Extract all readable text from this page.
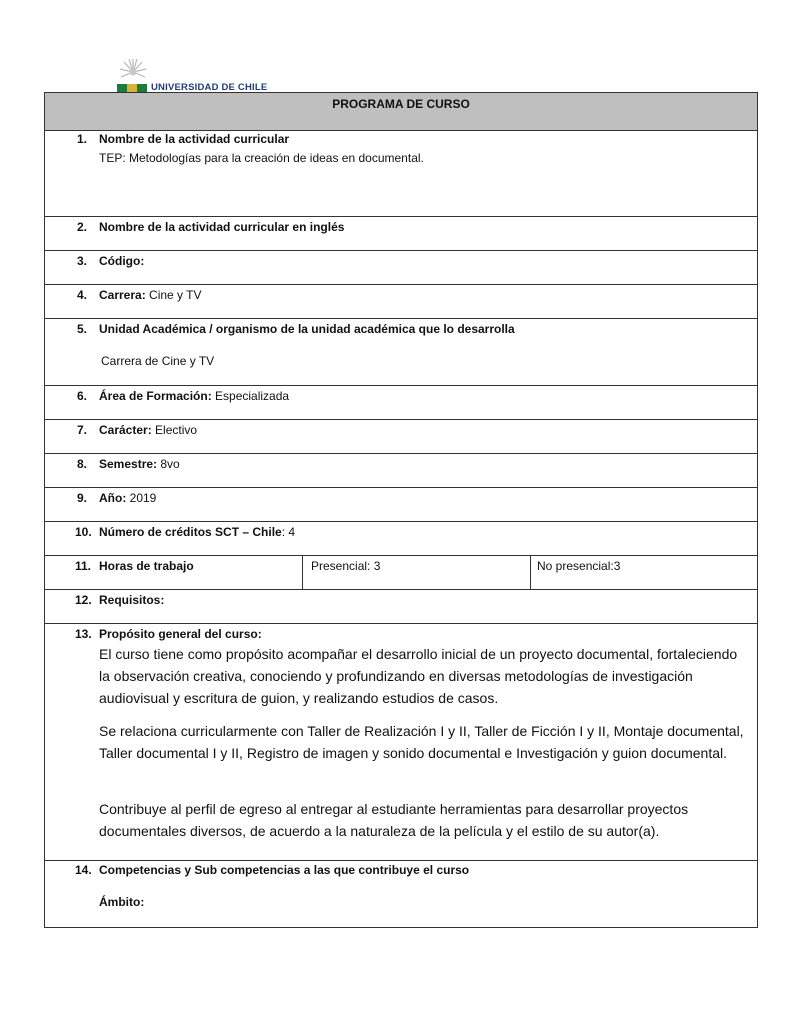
UNIVERSIDAD DE CHILE
PROGRAMA DE CURSO
1. Nombre de la actividad curricular
TEP: Metodologías para la creación de ideas en documental.
2. Nombre de la actividad curricular en inglés
3. Código:
4. Carrera: Cine y TV
5. Unidad Académica / organismo de la unidad académica que lo desarrolla
Carrera de Cine y TV
6. Área de Formación: Especializada
7. Carácter: Electivo
8. Semestre: 8vo
9. Año: 2019
10. Número de créditos SCT – Chile: 4
11. Horas de trabajo	Presencial: 3	No presencial:3
12. Requisitos:
13. Propósito general del curso:
El curso tiene como propósito acompañar el desarrollo inicial de un proyecto documental, fortaleciendo la observación creativa, conociendo y profundizando en diversas metodologías de investigación audiovisual y escritura de guion, y realizando estudios de casos.
Se relaciona curricularmente con Taller de Realización I y II, Taller de Ficción I y II, Montaje documental, Taller documental I y II, Registro de imagen y sonido documental e Investigación y guion documental.
Contribuye al perfil de egreso al entregar al estudiante herramientas para desarrollar proyectos documentales diversos, de acuerdo a la naturaleza de la película y el estilo de su autor(a).
14. Competencias y Sub competencias a las que contribuye el curso
Ámbito:
